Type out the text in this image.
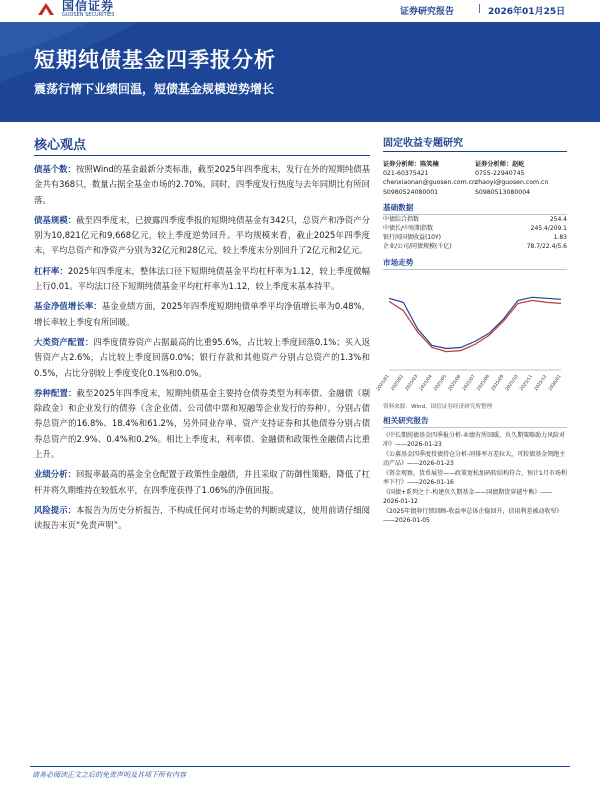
国信证券
GUOSEN SECURITIES	证券研究报告	| 2026年01月25日
短期纯债基金四季报分析
震荡行情下业绩回温，短债基金规模逆势增长
核心观点

债基个数：按照Wind的基金最新分类标准，截至2025年四季度末，发行在外的短期纯债基金共有368只，数量占据全基金市场的2.70%。同时，四季度发行热度与去年同期比有所回落。

债基规模：截至四季度末，已披露四季度季报的短期纯债基金有342只，总资产和净资产分别为10,821亿元和9,668亿元，较上季度逆势回升。平均规模来看，截止2025年四季度末，平均总资产和净资产分别为32亿元和28亿元，较上季度末分别回升了2亿元和2亿元。

杠杆率：2025年四季度末，整体法口径下短期纯债基金平均杠杆率为1.12，较上季度微幅上行0.01。平均法口径下短期纯债基金平均杠杆率为1.12，较上季度末基本持平。

基金净值增长率：基金业绩方面，2025年四季度短期纯债单季平均净值增长率为0.48%，增长率较上季度有所回暖。

大类资产配置：四季度债券资产占据最高的比重95.6%，占比较上季度回落0.1%；买入返售资产占2.6%，占比较上季度回落0.0%；银行存款和其他资产分别占总资产的1.3%和0.5%，占比分别较上季度变化0.1%和0.0%。

券种配置：截至2025年四季度末，短期纯债基金主要持仓债券类型为利率债、金融债（剔除政金）和企业发行的债券（含企业债、公司债中票和短融等企业发行的券种），分别占债券总资产的16.8%、18.4%和61.2%，另外同业存单、资产支持证券和其他债券分别占债券总资产的2.9%、0.4%和0.2%。相比上季度末，利率债、金融债和政策性金融债占比重上升。

业绩分析：回报率最高的基金全仓配置于政策性金融债，并且采取了防御性策略，降低了杠杆并将久期维持在较低水平，在四季度获得了1.06%的净值回报。

风险提示：本报告为历史分析报告，不构成任何对市场走势的判断或建议，使用前请仔细阅读报告末页“免责声明”。

固定收益专题研究
证券分析师：陈笑楠
021-60375421
chenxiaonan@guosen.com.cn
S0980524080001
证券分析师：赵屹
0755-22940745
zhaoyi@guosen.com.cn
S0980513080004
基础数据
中债综合指数	254.4
中债长/中短期指数	245.4/209.1
银行间国债收益(10Y)	1.83
企业/公司/同债规模(千亿)	78.7/22.4/5.6
市场走势
2025/01 2025/02 2025/03 2025/04 2025/05 2025/06 2025/07 2025/08 2025/09 2025/10 2025/11 2025/12 2026/01
资料来源：Wind、国信证券经济研究所整理
相关研究报告
《中长期纯债基金四季报分析-业绩有所回暖，负久期策略助力风险对冲》——2026-01-23
《公募基金四季度投债持仓分析-同排率方差拉大，可转债基金领跑主动产品》——2026-01-23
《资金观察，货币展望——政策宽松加码转结构符合，预计1月市场利率下行》——2026-01-16
《国债+系列之十-构建负久期基金——国债期货穿越牛熊》——2026-01-12
《2025年债券行情回顾-收益率总体企稳回升，信用利差被动收窄》——2026-01-05
请务必阅读正文之后的免责声明及其项下所有内容
